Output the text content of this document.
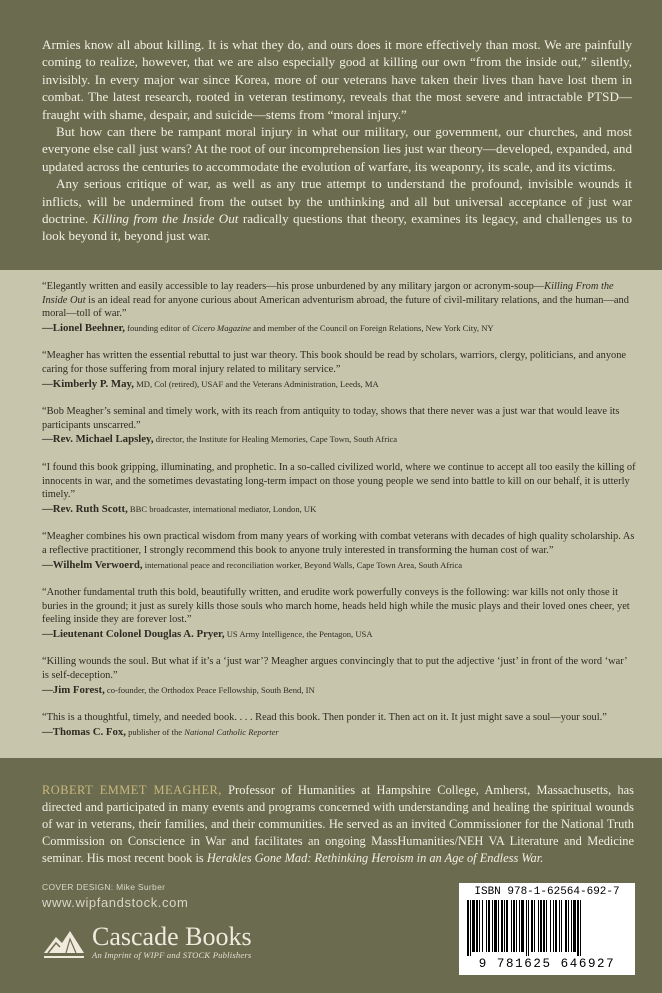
Armies know all about killing. It is what they do, and ours does it more effectively than most. We are painfully coming to realize, however, that we are also especially good at killing our own “from the inside out,” silently, invisibly. In every major war since Korea, more of our veterans have taken their lives than have lost them in combat. The latest research, rooted in veteran testimony, reveals that the most severe and intractable PTSD—fraught with shame, despair, and suicide—stems from “moral injury.”

But how can there be rampant moral injury in what our military, our government, our churches, and most everyone else call just wars? At the root of our incomprehension lies just war theory—developed, expanded, and updated across the centuries to accommodate the evolution of warfare, its weaponry, its scale, and its victims.

Any serious critique of war, as well as any true attempt to understand the profound, invisible wounds it inflicts, will be undermined from the outset by the unthinking and all but universal acceptance of just war doctrine. Killing from the Inside Out radically questions that theory, examines its legacy, and challenges us to look beyond it, beyond just war.

“Elegantly written and easily accessible to lay readers—his prose unburdened by any military jargon or acronym-soup—Killing From the Inside Out is an ideal read for anyone curious about American adventurism abroad, the future of civil-military relations, and the human—and moral—toll of war.”

—Lionel Beehner, founding editor of Cicero Magazine and member of the Council on Foreign Relations, New York City, NY

“Meagher has written the essential rebuttal to just war theory. This book should be read by scholars, warriors, clergy, politicians, and anyone caring for those suffering from moral injury related to military service.”

—Kimberly P. May, MD, Col (retired), USAF and the Veterans Administration, Leeds, MA

“Bob Meagher’s seminal and timely work, with its reach from antiquity to today, shows that there never was a just war that would leave its participants unscarred.”

—Rev. Michael Lapsley, director, the Institute for Healing Memories, Cape Town, South Africa

“I found this book gripping, illuminating, and prophetic. In a so-called civilized world, where we continue to accept all too easily the killing of innocents in war, and the sometimes devastating long-term impact on those young people we send into battle to kill on our behalf, it is utterly timely.”

—Rev. Ruth Scott, BBC broadcaster, international mediator, London, UK

“Meagher combines his own practical wisdom from many years of working with combat veterans with decades of high quality scholarship. As a reflective practitioner, I strongly recommend this book to anyone truly interested in transforming the human cost of war.”

—Wilhelm Verwoerd, international peace and reconciliation worker, Beyond Walls, Cape Town Area, South Africa

“Another fundamental truth this bold, beautifully written, and erudite work powerfully conveys is the following: war kills not only those it buries in the ground; it just as surely kills those souls who march home, heads held high while the music plays and their loved ones cheer, yet feeling inside they are forever lost.”

—Lieutenant Colonel Douglas A. Pryer, US Army Intelligence, the Pentagon, USA

“Killing wounds the soul. But what if it’s a ‘just war’? Meagher argues convincingly that to put the adjective ‘just’ in front of the word ‘war’ is self-deception.”

—Jim Forest, co-founder, the Orthodox Peace Fellowship, South Bend, IN

“This is a thoughtful, timely, and needed book. . . . Read this book. Then ponder it. Then act on it. It just might save a soul—your soul.”

—Thomas C. Fox, publisher of the National Catholic Reporter

ROBERT EMMET MEAGHER, Professor of Humanities at Hampshire College, Amherst, Massachusetts, has directed and participated in many events and programs concerned with understanding and healing the spiritual wounds of war in veterans, their families, and their communities. He served as an invited Commissioner for the National Truth Commission on Conscience in War and facilitates an ongoing MassHumanities/NEH VA Literature and Medicine seminar. His most recent book is Herakles Gone Mad: Rethinking Heroism in an Age of Endless War.

COVER DESIGN: Mike Surber
www.wipfandstock.com
Cascade Books
An Imprint of WIPF and STOCK Publishers
ISBN 978-1-62564-692-7
9 781625 646927
